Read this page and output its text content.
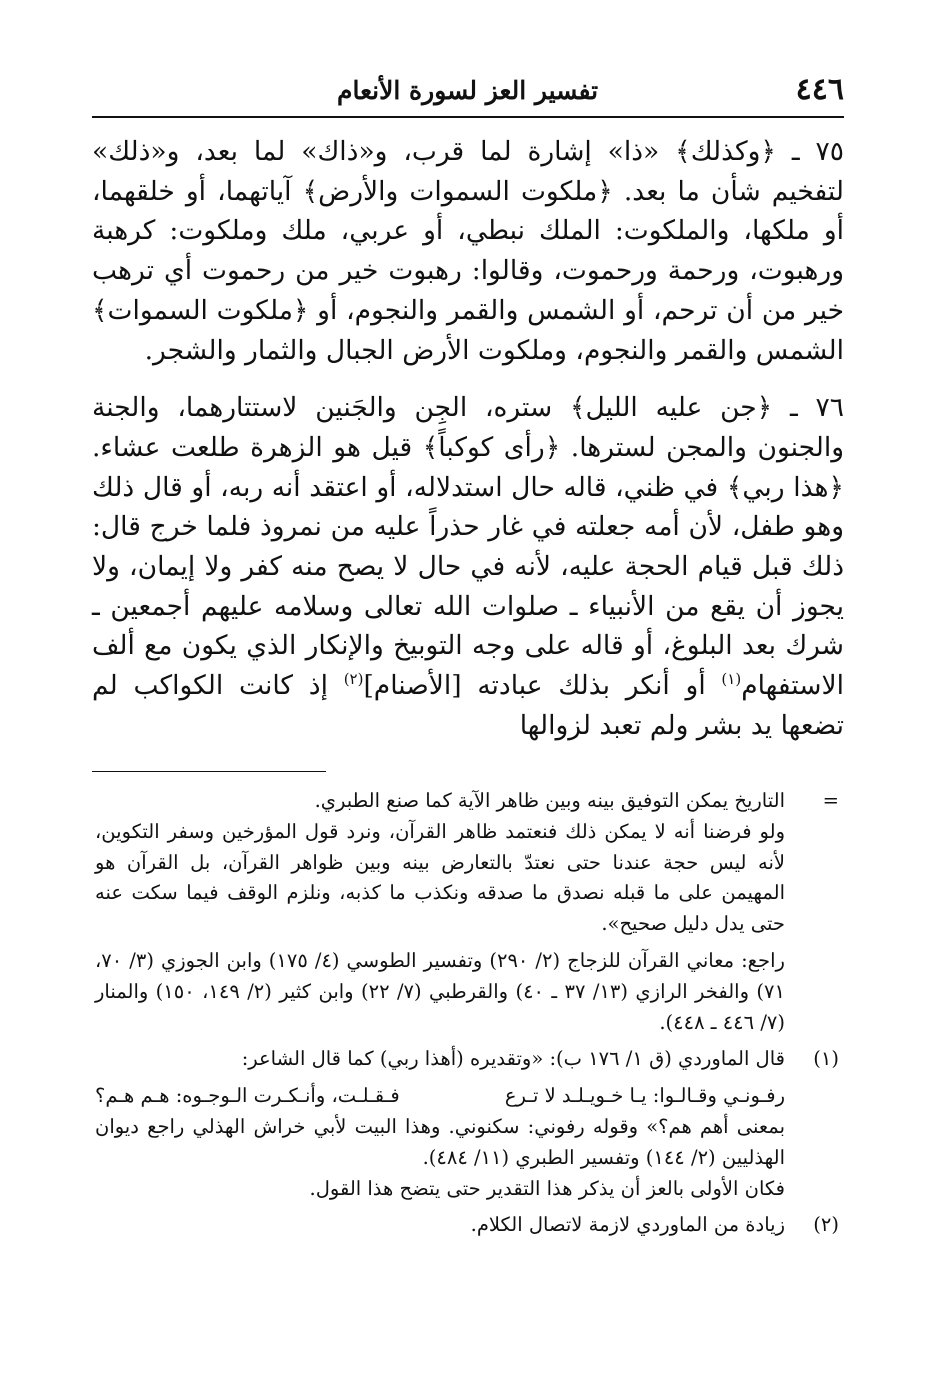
٤٤٦
تفسير العز لسورة الأنعام

٧٥ ـ ﴿وكذلك﴾ «ذا» إشارة لما قرب، و«ذاك» لما بعد، و«ذلك» لتفخيم شأن ما بعد. ﴿ملكوت السموات والأرض﴾ آياتهما، أو خلقهما، أو ملكها، والملكوت: الملك نبطي، أو عربي، ملك وملكوت: كرهبة ورهبوت، ورحمة ورحموت، وقالوا: رهبوت خير من رحموت أي ترهب خير من أن ترحم، أو الشمس والقمر والنجوم، أو ﴿ملكوت السموات﴾ الشمس والقمر والنجوم، وملكوت الأرض الجبال والثمار والشجر.

٧٦ ـ ﴿جن عليه الليل﴾ ستره، الجِن والجَنين لاستتارهما، والجنة والجنون والمجن لسترها. ﴿رأى كوكباً﴾ قيل هو الزهرة طلعت عشاء. ﴿هذا ربي﴾ في ظني، قاله حال استدلاله، أو اعتقد أنه ربه، أو قال ذلك وهو طفل، لأن أمه جعلته في غار حذراً عليه من نمروذ فلما خرج قال: ذلك قبل قيام الحجة عليه، لأنه في حال لا يصح منه كفر ولا إيمان، ولا يجوز أن يقع من الأنبياء ـ صلوات الله تعالى وسلامه عليهم أجمعين ـ شرك بعد البلوغ، أو قاله على وجه التوبيخ والإنكار الذي يكون مع ألف الاستفهام$^{(١)}$ أو أنكر بذلك عبادته [الأصنام]$^{(٢)}$ إذ كانت الكواكب لم تضعها يد بشر ولم تعبد لزوالها

=
التاريخ يمكن التوفيق بينه وبين ظاهر الآية كما صنع الطبري.
ولو فرضنا أنه لا يمكن ذلك فنعتمد ظاهر القرآن، ونرد قول المؤرخين وسفر التكوين، لأنه ليس حجة عندنا حتى نعتدّ بالتعارض بينه وبين ظواهر القرآن، بل القرآن هو المهيمن على ما قبله نصدق ما صدقه ونكذب ما كذبه، ونلزم الوقف فيما سكت عنه حتى يدل دليل صحيح».
راجع: معاني القرآن للزجاج (٢/ ٢٩٠) وتفسير الطوسي (٤/ ١٧٥) وابن الجوزي (٣/ ٧٠، ٧١) والفخر الرازي (١٣/ ٣٧ ـ ٤٠) والقرطبي (٧/ ٢٢) وابن كثير (٢/ ١٤٩، ١٥٠) والمنار (٧/ ٤٤٦ ـ ٤٤٨).
(١)
قال الماوردي (ق ١/ ١٧٦ ب): «وتقديره (أهذا ربي) كما قال الشاعر:
رفـونـي وقـالـوا: يـا خـويـلـد لا تـرع
فـقـلـت، وأنـكـرت الـوجـوه: هـم هـم؟
بمعنى أهم هم؟» وقوله رفوني: سكنوني. وهذا البيت لأبي خراش الهذلي راجع ديوان الهذليين (٢/ ١٤٤) وتفسير الطبري (١١/ ٤٨٤).
فكان الأولى بالعز أن يذكر هذا التقدير حتى يتضح هذا القول.
(٢)
زيادة من الماوردي لازمة لاتصال الكلام.
